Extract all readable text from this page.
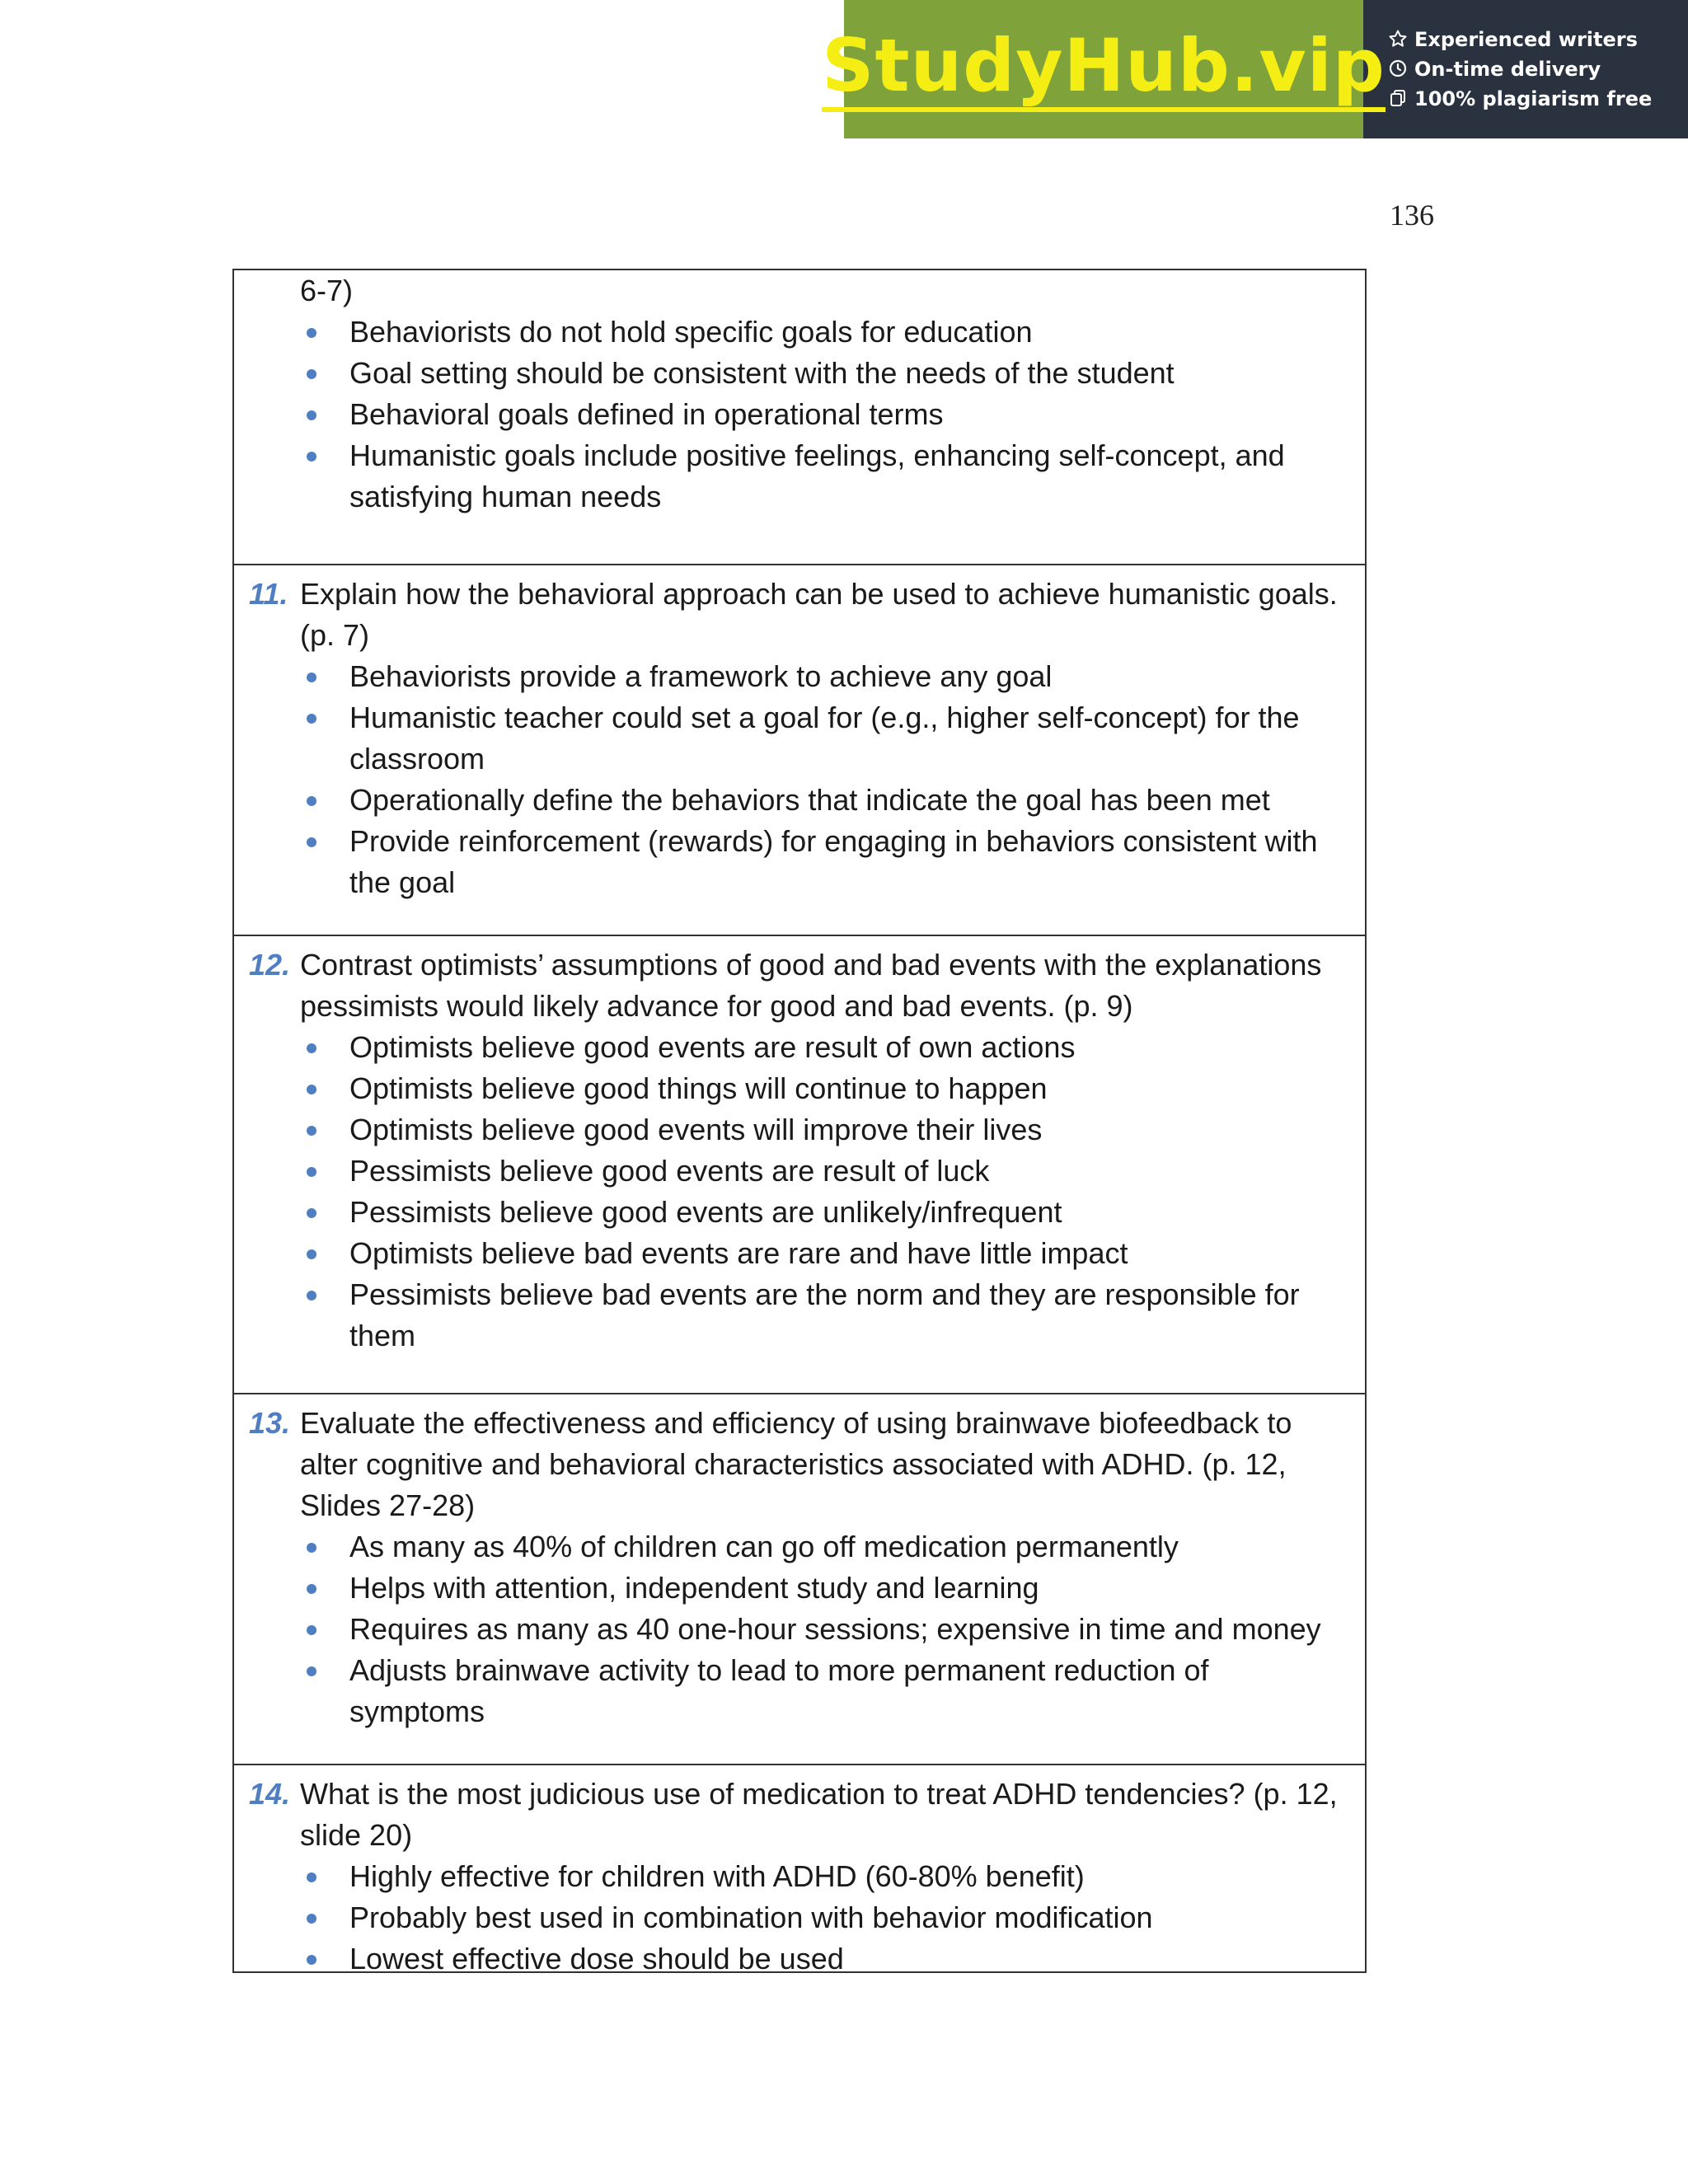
StudyHub.vip Experienced writers
On-time delivery
100% plagiarism free
136
6-7)
Behaviorists do not hold specific goals for education
Goal setting should be consistent with the needs of the student
Behavioral goals defined in operational terms
Humanistic goals include positive feelings, enhancing self-concept, and satisfying human needs
11. Explain how the behavioral approach can be used to achieve humanistic goals. (p. 7)
Behaviorists provide a framework to achieve any goal
Humanistic teacher could set a goal for (e.g., higher self-concept) for the classroom
Operationally define the behaviors that indicate the goal has been met
Provide reinforcement (rewards) for engaging in behaviors consistent with the goal
12. Contrast optimists’ assumptions of good and bad events with the explanations pessimists would likely advance for good and bad events. (p. 9)
Optimists believe good events are result of own actions
Optimists believe good things will continue to happen
Optimists believe good events will improve their lives
Pessimists believe good events are result of luck
Pessimists believe good events are unlikely/infrequent
Optimists believe bad events are rare and have little impact
Pessimists believe bad events are the norm and they are responsible for them
13. Evaluate the effectiveness and efficiency of using brainwave biofeedback to alter cognitive and behavioral characteristics associated with ADHD. (p. 12, Slides 27-28)
As many as 40% of children can go off medication permanently
Helps with attention, independent study and learning
Requires as many as 40 one-hour sessions; expensive in time and money
Adjusts brainwave activity to lead to more permanent reduction of symptoms
14. What is the most judicious use of medication to treat ADHD tendencies? (p. 12, slide 20)
Highly effective for children with ADHD (60-80% benefit)
Probably best used in combination with behavior modification
Lowest effective dose should be used
